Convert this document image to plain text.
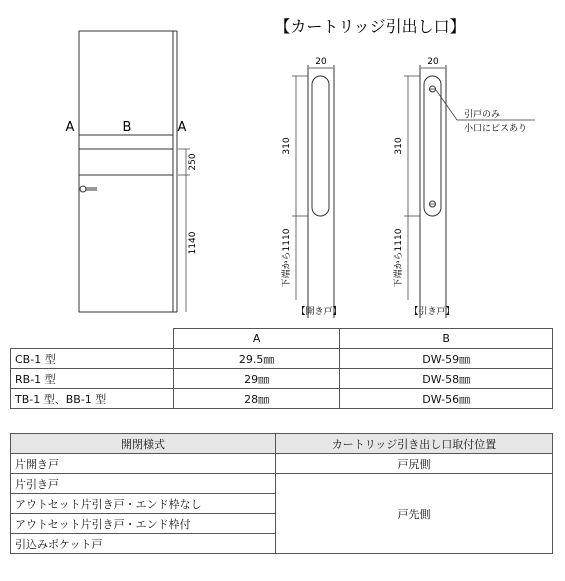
【カートリッジ引出し口】
A	B	A
250
1140
20
310
下端から1110
【開き戸】
20
310
下端から1110
引戸のみ
小口にビスあり
【引き戸】
	A	B
CB-1 型	29.5㎜	DW-59㎜
RB-1 型	29㎜	DW-58㎜
TB-1 型、BB-1 型	28㎜	DW-56㎜
開閉様式	カートリッジ引き出し口取付位置
片開き戸	戸尻側
片引き戸	戸先側
アウトセット片引き戸・エンド枠なし	
アウトセット片引き戸・エンド枠付	
引込みポケット戸	
